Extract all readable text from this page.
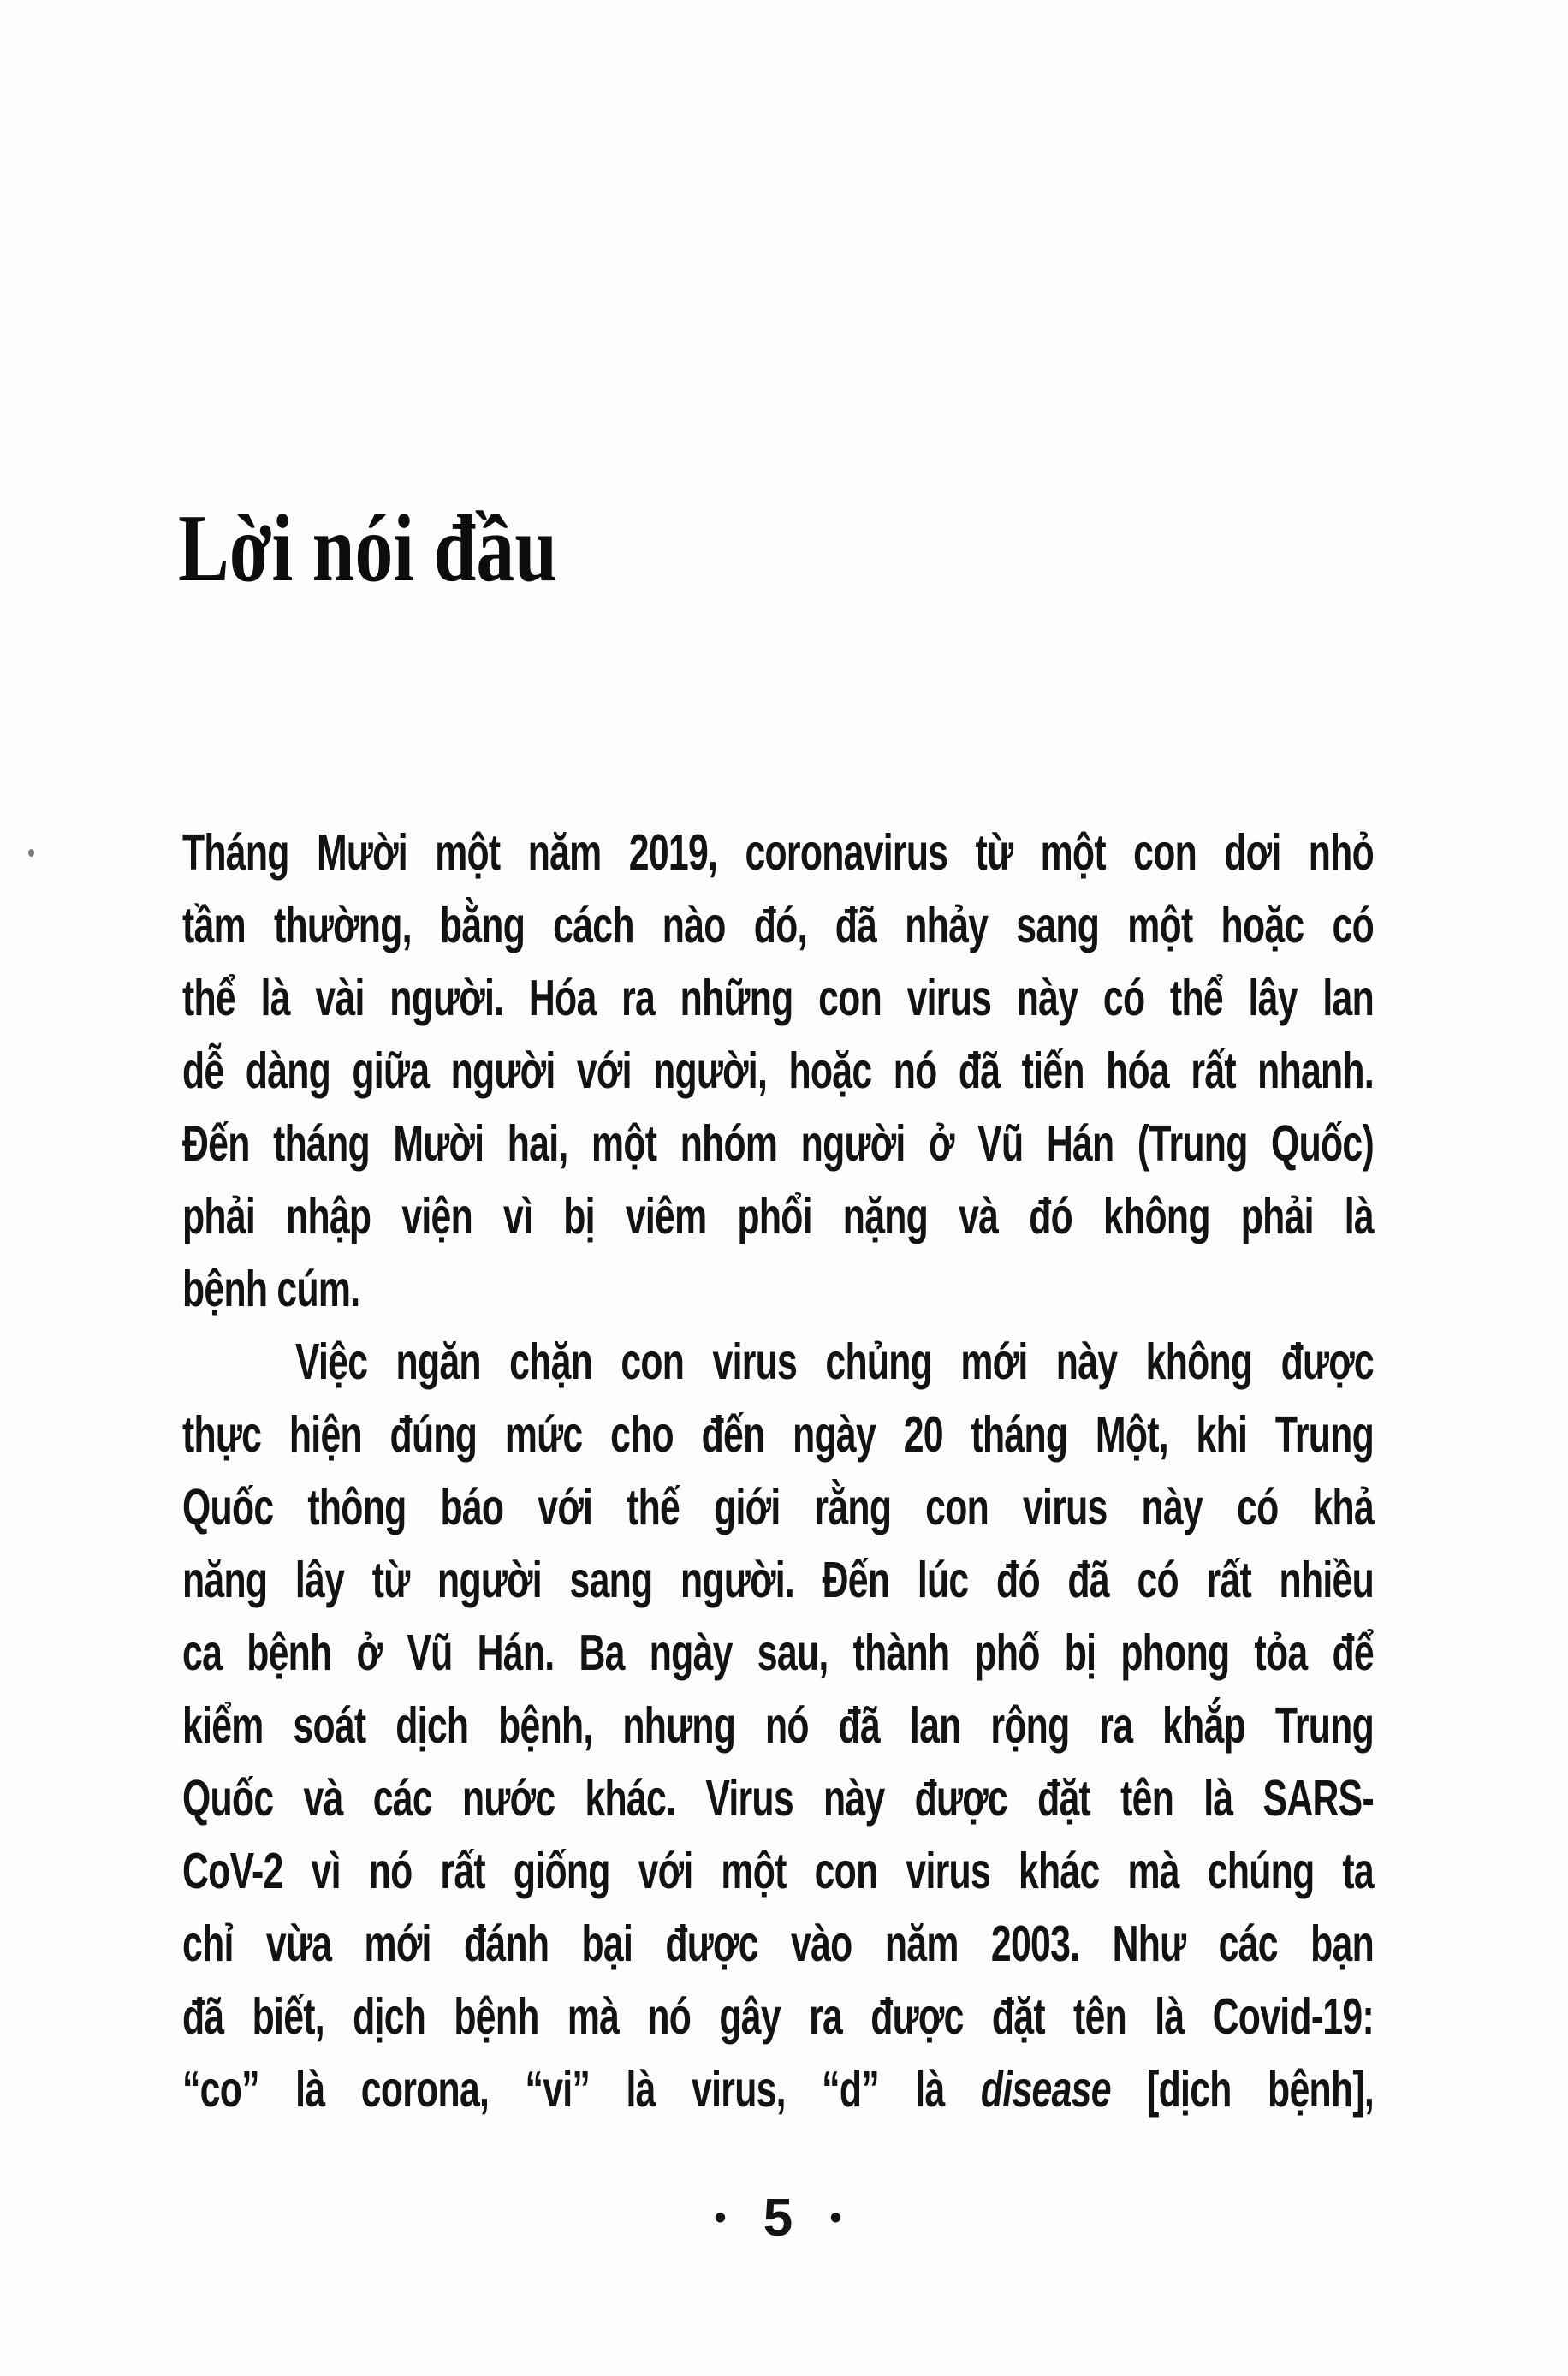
Lời nói đầu
Tháng Mười một năm 2019, coronavirus từ một con dơi nhỏ
tầm thường, bằng cách nào đó, đã nhảy sang một hoặc có
thể là vài người. Hóa ra những con virus này có thể lây lan
dễ dàng giữa người với người, hoặc nó đã tiến hóa rất nhanh.
Đến tháng Mười hai, một nhóm người ở Vũ Hán (Trung Quốc)
phải nhập viện vì bị viêm phổi nặng và đó không phải là
bệnh cúm.
Việc ngăn chặn con virus chủng mới này không được
thực hiện đúng mức cho đến ngày 20 tháng Một, khi Trung
Quốc thông báo với thế giới rằng con virus này có khả
năng lây từ người sang người. Đến lúc đó đã có rất nhiều
ca bệnh ở Vũ Hán. Ba ngày sau, thành phố bị phong tỏa để
kiểm soát dịch bệnh, nhưng nó đã lan rộng ra khắp Trung
Quốc và các nước khác. Virus này được đặt tên là SARS-
CoV-2 vì nó rất giống với một con virus khác mà chúng ta
chỉ vừa mới đánh bại được vào năm 2003. Như các bạn
đã biết, dịch bệnh mà nó gây ra được đặt tên là Covid-19:
“co” là corona, “vi” là virus, “d” là disease [dịch bệnh],
• 5 •
